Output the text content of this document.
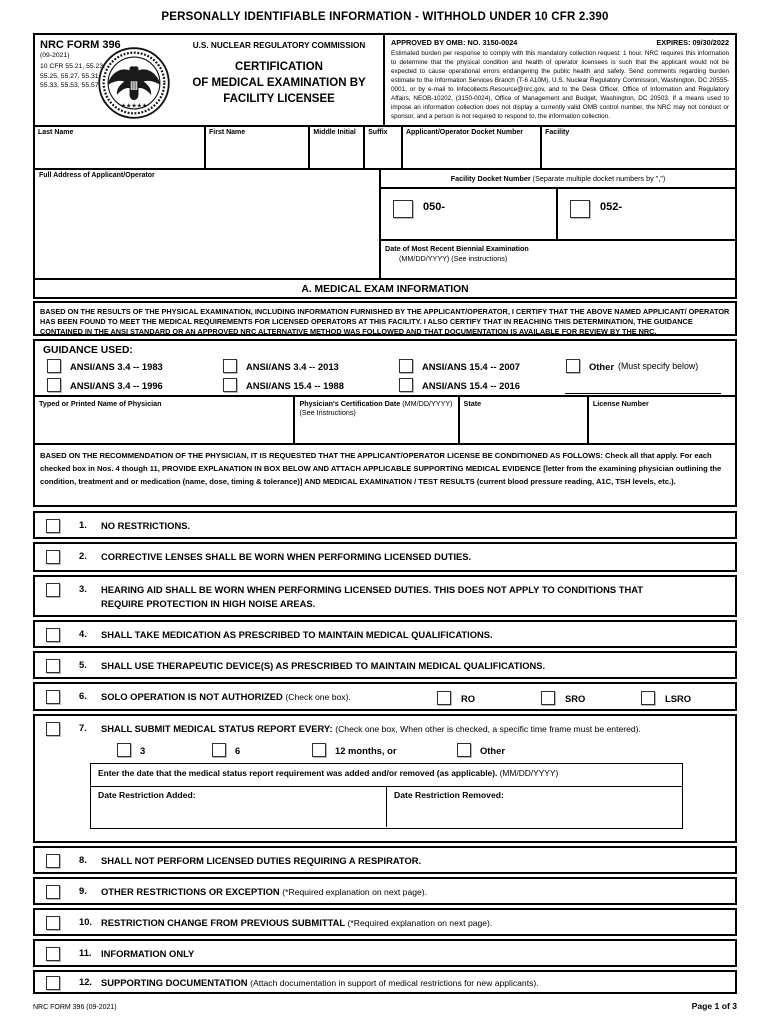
PERSONALLY IDENTIFIABLE INFORMATION - WITHHOLD UNDER 10 CFR 2.390
NRC FORM 396
(09-2021)
10 CFR 55.21, 55.23,
55.25, 55.27, 55.31
55.33, 55.53, 55.57.
★★★★★
U.S. NUCLEAR REGULATORY COMMISSION
CERTIFICATION
OF MEDICAL EXAMINATION BY
FACILITY LICENSEE
APPROVED BY OMB: NO. 3150-0024	EXPIRES: 09/30/2022
Estimated burden per response to comply with this mandatory collection request: 1 hour. NRC requires this information to determine that the physical condition and health of operator licensees is such that the applicant would not be expected to cause operational errors endangering the public health and safety. Send comments regarding burden estimate to the Information Services Branch (T-6 A10M), U.S. Nuclear Regulatory Commission, Washington, DC 20555-0001, or by e-mail to Infocollects.Resource@nrc.gov, and to the Desk Officer, Office of Information and Regulatory Affairs, NEOB-10202, (3150-0024), Office of Management and Budget, Washington, DC 20503. If a means used to impose an information collection does not display a currently valid OMB control number, the NRC may not conduct or sponsor, and a person is not required to respond to, the information collection.
Last Name	First Name	Middle Initial	Suffix	Applicant/Operator Docket Number	Facility
Full Address of Applicant/Operator	Facility Docket Number (Separate multiple docket numbers by ",")
050-	052-
Date of Most Recent Biennial Examination
(MM/DD/YYYY) (See instructions)
A. MEDICAL EXAM INFORMATION
BASED ON THE RESULTS OF THE PHYSICAL EXAMINATION, INCLUDING INFORMATION FURNISHED BY THE APPLICANT/OPERATOR, I CERTIFY THAT THE ABOVE NAMED APPLICANT/ OPERATOR HAS BEEN FOUND TO MEET THE MEDICAL REQUIREMENTS FOR LICENSED OPERATORS AT THIS FACILITY. I ALSO CERTIFY THAT IN REACHING THIS DETERMINATION, THE GUIDANCE CONTAINED IN THE ANSI STANDARD OR AN APPROVED NRC ALTERNATIVE METHOD WAS FOLLOWED AND THAT DOCUMENTATION IS AVAILABLE FOR REVIEW BY THE NRC.
GUIDANCE USED:
ANSI/ANS 3.4 -- 1983	ANSI/ANS 3.4 -- 2013	ANSI/ANS 15.4 -- 2007	Other (Must specify below)
ANSI/ANS 3.4 -- 1996	ANSI/ANS 15.4 -- 1988	ANSI/ANS 15.4 -- 2016
Typed or Printed Name of Physician	Physician's Certification Date (MM/DD/YYYY)
(See Instructions)
State	License Number
BASED ON THE RECOMMENDATION OF THE PHYSICIAN, IT IS REQUESTED THAT THE APPLICANT/OPERATOR LICENSE BE CONDITIONED AS FOLLOWS: Check all that apply. For each checked box in Nos. 4 though 11, PROVIDE EXPLANATION IN BOX BELOW AND ATTACH APPLICABLE SUPPORTING MEDICAL EVIDENCE [letter from the examining physician outlining the condition, treatment and or medication (name, dose, timing & tolerance)] AND MEDICAL EXAMINATION / TEST RESULTS (current blood pressure reading, A1C, TSH levels, etc.).
1.	NO RESTRICTIONS.
2.	CORRECTIVE LENSES SHALL BE WORN WHEN PERFORMING LICENSED DUTIES.
3.	HEARING AID SHALL BE WORN WHEN PERFORMING LICENSED DUTIES. THIS DOES NOT APPLY TO CONDITIONS THAT REQUIRE PROTECTION IN HIGH NOISE AREAS.
4.	SHALL TAKE MEDICATION AS PRESCRIBED TO MAINTAIN MEDICAL QUALIFICATIONS.
5.	SHALL USE THERAPEUTIC DEVICE(S) AS PRESCRIBED TO MAINTAIN MEDICAL QUALIFICATIONS.
6.	SOLO OPERATION IS NOT AUTHORIZED (Check one box).	RO	SRO	LSRO
7.	SHALL SUBMIT MEDICAL STATUS REPORT EVERY: (Check one box, When other is checked, a specific time frame must be entered).
3	6	12 months, or	Other
Enter the date that the medical status report requirement was added and/or removed (as applicable). (MM/DD/YYYY)
Date Restriction Added:	Date Restriction Removed:
8.	SHALL NOT PERFORM LICENSED DUTIES REQUIRING A RESPIRATOR.
9.	OTHER RESTRICTIONS OR EXCEPTION (*Required explanation on next page).
10. RESTRICTION CHANGE FROM PREVIOUS SUBMITTAL (*Required explanation on next page).
11.	INFORMATION ONLY
12. SUPPORTING DOCUMENTATION (Attach documentation in support of medical restrictions for new applicants).
NRC FORM 396 (09-2021)	Page 1 of 3
